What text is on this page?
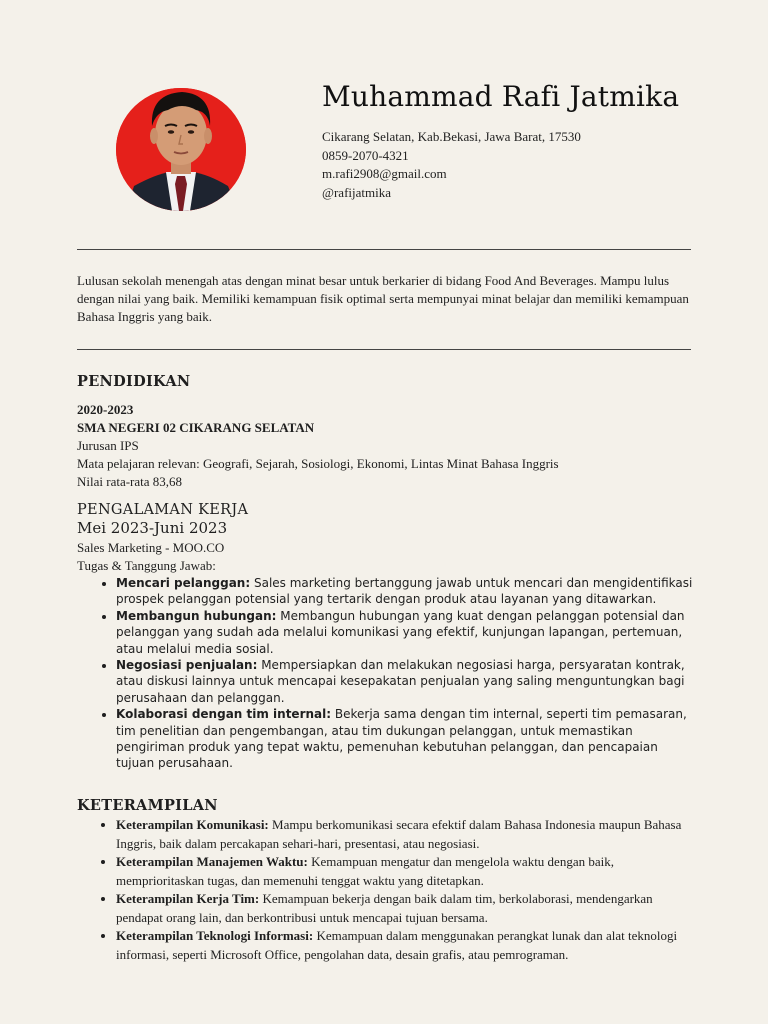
Muhammad Rafi Jatmika
Cikarang Selatan, Kab.Bekasi, Jawa Barat, 17530
0859-2070-4321
m.rafi2908@gmail.com
@rafijatmika

Lulusan sekolah menengah atas dengan minat besar untuk berkarier di bidang Food And Beverages. Mampu lulus dengan nilai yang baik. Memiliki kemampuan fisik optimal serta mempunyai minat belajar dan memiliki kemampuan Bahasa Inggris yang baik.

PENDIDIKAN
2020-2023
SMA NEGERI 02 CIKARANG SELATAN
Jurusan IPS
Mata pelajaran relevan: Geografi, Sejarah, Sosiologi, Ekonomi, Lintas Minat Bahasa Inggris
Nilai rata-rata 83,68
PENGALAMAN KERJA
Mei 2023-Juni 2023
Sales Marketing - MOO.CO
Tugas & Tanggung Jawab:
• Mencari pelanggan: Sales marketing bertanggung jawab untuk mencari dan mengidentifikasi prospek pelanggan potensial yang tertarik dengan produk atau layanan yang ditawarkan.
• Membangun hubungan: Membangun hubungan yang kuat dengan pelanggan potensial dan pelanggan yang sudah ada melalui komunikasi yang efektif, kunjungan lapangan, pertemuan, atau melalui media sosial.
• Negosiasi penjualan: Mempersiapkan dan melakukan negosiasi harga, persyaratan kontrak, atau diskusi lainnya untuk mencapai kesepakatan penjualan yang saling menguntungkan bagi perusahaan dan pelanggan.
• Kolaborasi dengan tim internal: Bekerja sama dengan tim internal, seperti tim pemasaran, tim penelitian dan pengembangan, atau tim dukungan pelanggan, untuk memastikan pengiriman produk yang tepat waktu, pemenuhan kebutuhan pelanggan, dan pencapaian tujuan perusahaan.
KETERAMPILAN
• Keterampilan Komunikasi: Mampu berkomunikasi secara efektif dalam Bahasa Indonesia maupun Bahasa Inggris, baik dalam percakapan sehari-hari, presentasi, atau negosiasi.
• Keterampilan Manajemen Waktu: Kemampuan mengatur dan mengelola waktu dengan baik, memprioritaskan tugas, dan memenuhi tenggat waktu yang ditetapkan.
• Keterampilan Kerja Tim: Kemampuan bekerja dengan baik dalam tim, berkolaborasi, mendengarkan pendapat orang lain, dan berkontribusi untuk mencapai tujuan bersama.
• Keterampilan Teknologi Informasi: Kemampuan dalam menggunakan perangkat lunak dan alat teknologi informasi, seperti Microsoft Office, pengolahan data, desain grafis, atau pemrograman.
